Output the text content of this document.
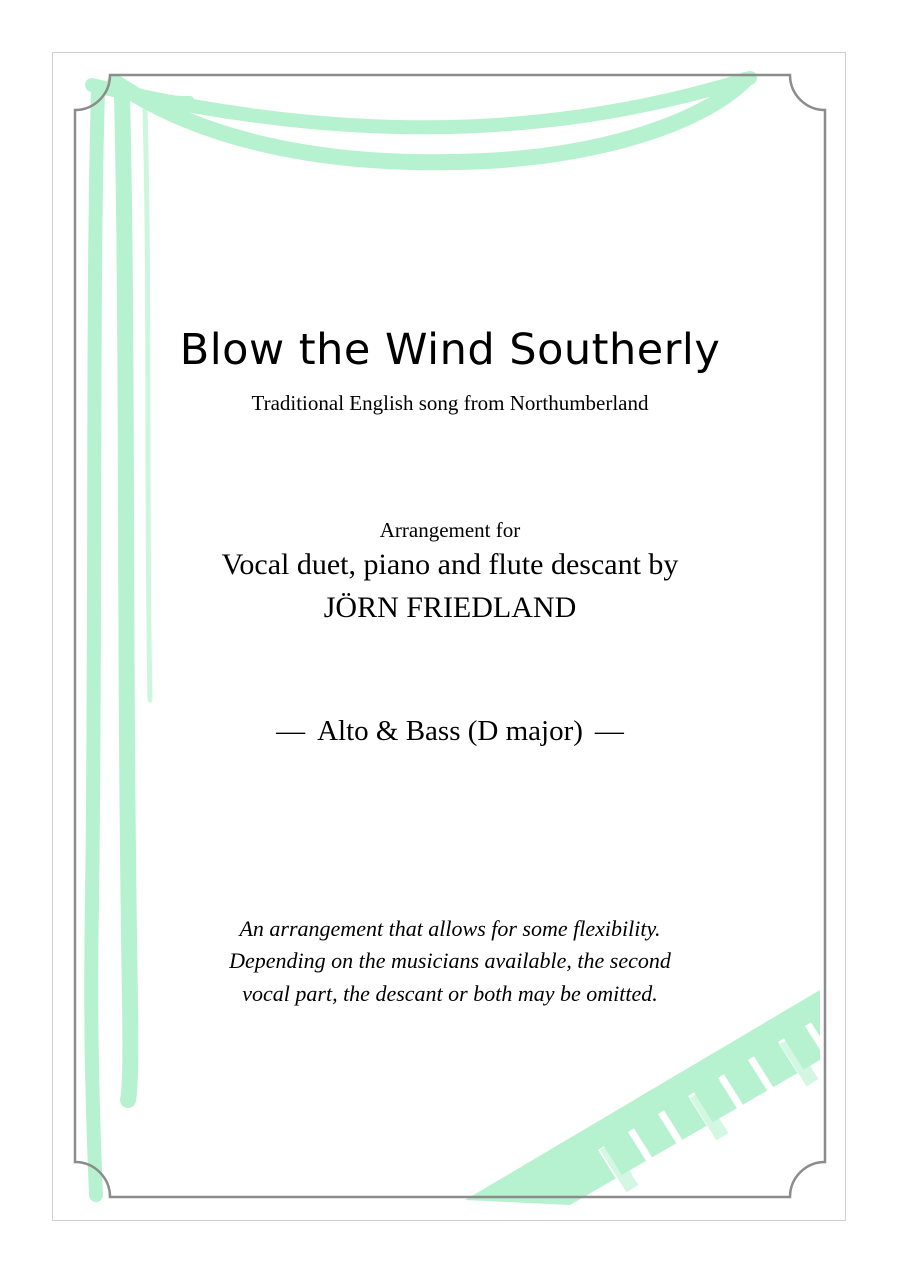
Blow the Wind Southerly
Traditional English song from Northumberland
Arrangement for
Vocal duet, piano and flute descant by
JÖRN FRIEDLAND
— Alto & Bass (D major) —
An arrangement that allows for some flexibility.
Depending on the musicians available, the second
vocal part, the descant or both may be omitted.
